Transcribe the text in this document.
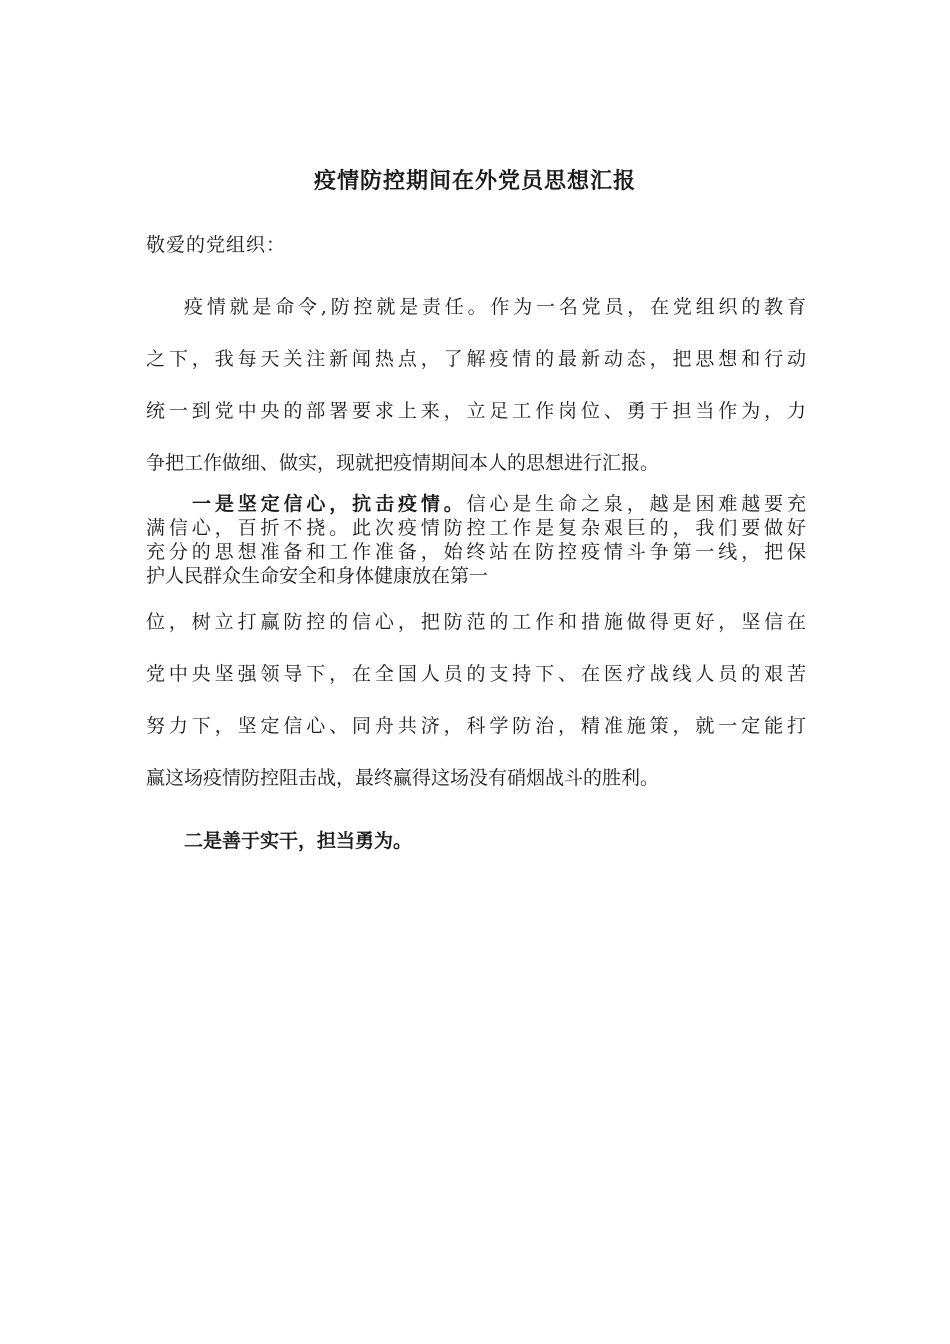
疫情防控期间在外党员思想汇报

敬爱的党组织：

疫情就是命令,防控就是责任。作为一名党员，在党组织的教育

之下，我每天关注新闻热点，了解疫情的最新动态，把思想和行动

统一到党中央的部署要求上来，立足工作岗位、勇于担当作为，力

争把工作做细、做实，现就把疫情期间本人的思想进行汇报。

一是坚定信心，抗击疫情。信心是生命之泉，越是困难越要充

满信心，百折不挠。此次疫情防控工作是复杂艰巨的，我们要做好

充分的思想准备和工作准备，始终站在防控疫情斗争第一线，把保

护人民群众生命安全和身体健康放在第一

位，树立打赢防控的信心，把防范的工作和措施做得更好，坚信在

党中央坚强领导下，在全国人员的支持下、在医疗战线人员的艰苦

努力下，坚定信心、同舟共济，科学防治，精准施策，就一定能打

赢这场疫情防控阻击战，最终赢得这场没有硝烟战斗的胜利。

二是善于实干，担当勇为。
